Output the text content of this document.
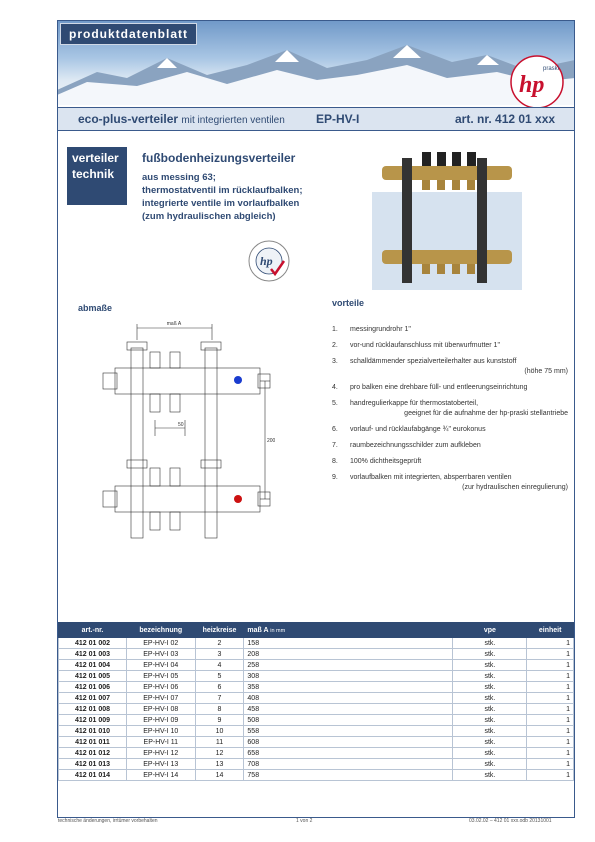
produktdatenblatt
hp
praski
eco-plus-verteiler mit integrierten ventilen	EP-HV-I	art. nr. 412 01 xxx
verteiler
technik
fußbodenheizungsverteiler
aus messing 63;
thermostatventil im rücklaufbalken;
integrierte ventile im vorlaufbalken
(zum hydraulischen abgleich)
hp
abmaße
maß A
50
200
vorteile
1.	messingrundrohr 1"
2.	vor-und rücklaufanschluss mit überwurfmutter 1"
3.	schalldämmender spezialverteilerhalter aus kunststoff
(höhe 75 mm)
4.	pro balken eine drehbare füll- und entleerungseinrichtung
5.	handregulierkappe für thermostatoberteil,
geeignet für die aufnahme der hp-praski stellantriebe
6.	vorlauf- und rücklaufabgänge ¾" eurokonus
7.	raumbezeichnungsschilder zum aufkleben
8.	100% dichtheitsgeprüft
9.	vorlaufbalken mit integrierten, absperrbaren ventilen
(zur hydraulischen einregulierung)
art.-nr.	bezeichnung	heizkreise	maß A in mm	vpe	einheit
412 01 002	EP-HV-I 02	2	158	stk.	1
412 01 003	EP-HV-I 03	3	208	stk.	1
412 01 004	EP-HV-I 04	4	258	stk.	1
412 01 005	EP-HV-I 05	5	308	stk.	1
412 01 006	EP-HV-I 06	6	358	stk.	1
412 01 007	EP-HV-I 07	7	408	stk.	1
412 01 008	EP-HV-I 08	8	458	stk.	1
412 01 009	EP-HV-I 09	9	508	stk.	1
412 01 010	EP-HV-I 10	10	558	stk.	1
412 01 011	EP-HV-I 11	11	608	stk.	1
412 01 012	EP-HV-I 12	12	658	stk.	1
412 01 013	EP-HV-I 13	13	708	stk.	1
412 01 014	EP-HV-I 14	14	758	stk.	1
technische änderungen, irrtümer vorbehalten	1 von 2	03.02.02 – 412 01 xxx.odb 20131001
